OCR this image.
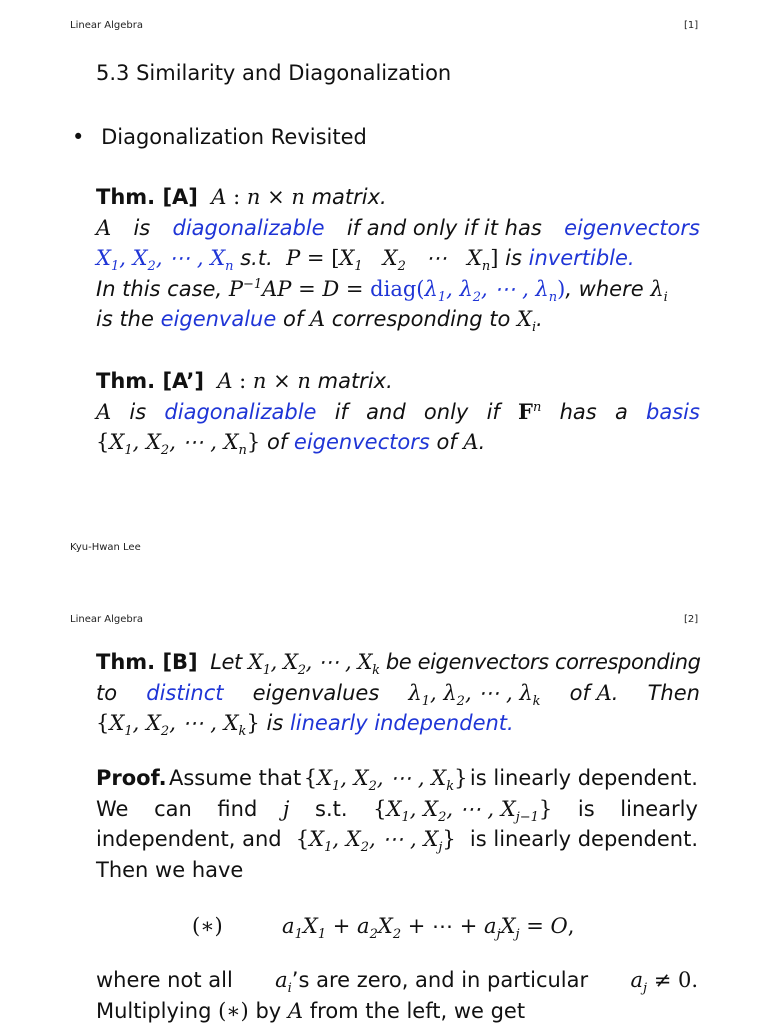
Linear Algebra	[1]
5.3 Similarity and Diagonalization
• Diagonalization Revisited
Thm. [A] A : n × n matrix.
A is diagonalizable if and only if it has eigenvectors
$X_1$, $X_2$, ⋯ , $X_n$ s.t.  $P = [X_1$   $X_2$   ⋯   $X_n$] is invertible.
In this case, $P^{-1}AP = D$ = $diag(\lambda_1$, $\lambda_2$, ⋯ , $\lambda_n$), where $\lambda_i$
is the eigenvalue of A corresponding to $X_i$.
Thm. [A’] A : n × n matrix.
A is diagonalizable if and only if $F^n$ has a basis
{$X_1$, $X_2$, ⋯ , $X_n$} of eigenvectors of A.
Kyu-Hwan Lee
Linear Algebra	[2]
Thm. [B] Let $X_1$, $X_2$, ⋯ , $X_k$ be eigenvectors corresponding
to distinct eigenvalues $\lambda_1$, $\lambda_2$, ⋯ , $\lambda_k$ of A. Then
{$X_1$, $X_2$, ⋯ , $X_k$} is linearly independent.
Proof. Assume that {$X_1$, $X_2$, ⋯ , $X_k$} is linearly dependent.
We can find j s.t. {$X_1$, $X_2$, ⋯ , $X_{j-1}$} is linearly
independent, and {$X_1$, $X_2$, ⋯ , $X_j$} is linearly dependent.
Then we have
(∗)	$a_1X_1 + a_2X_2$ + ⋯ + $a_jX_j = O$,
where not all $a_i’s$ are zero, and in particular $a_j \ne 0$.
Multiplying (∗) by A from the left, we get
